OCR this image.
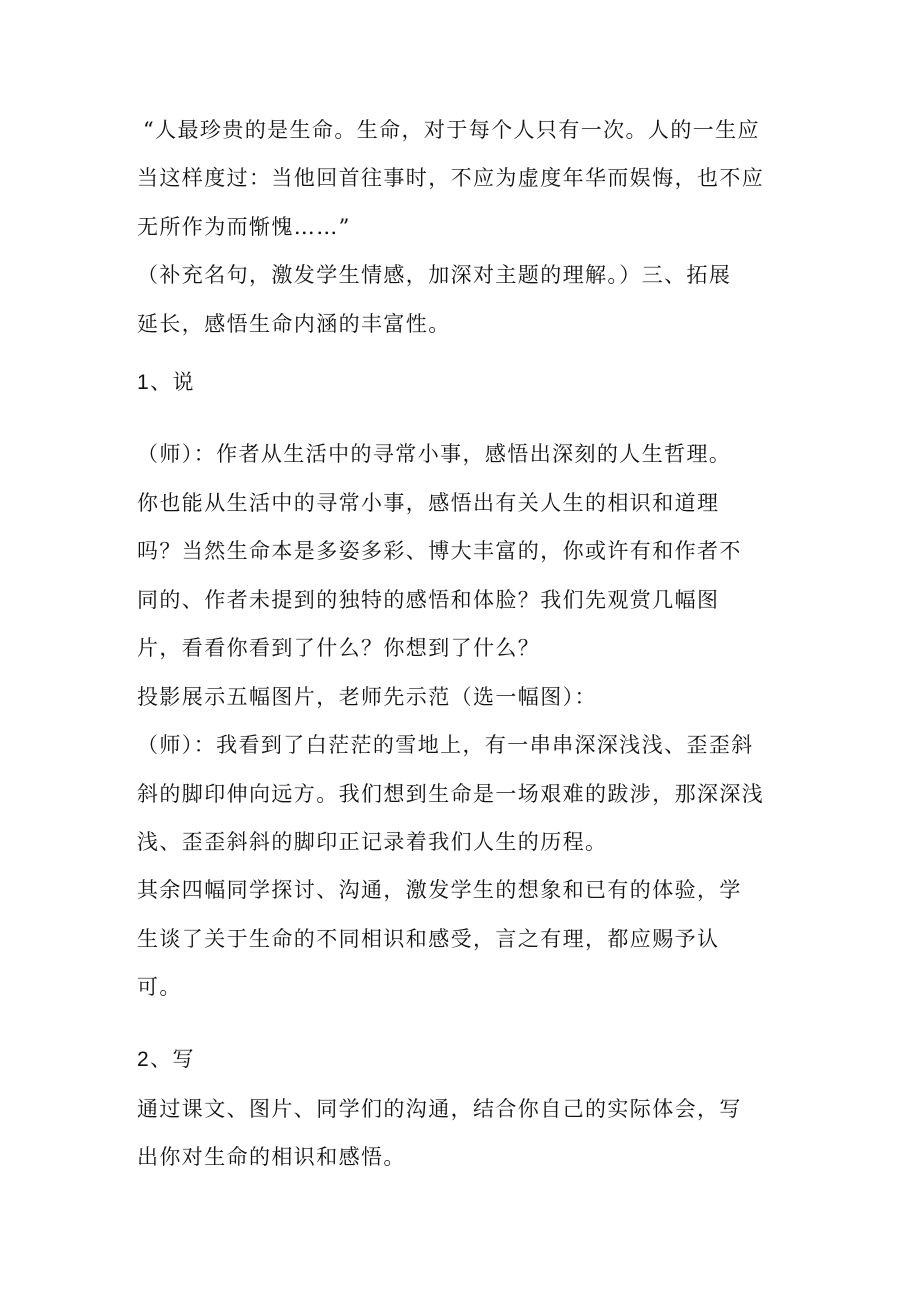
“人最珍贵的是生命。生命，对于每个人只有一次。人的一生应
当这样度过：当他回首往事时，不应为虚度年华而娱悔，也不应
无所作为而惭愧……”
（补充名句，激发学生情感，加深对主题的理解。）三、拓展
延长，感悟生命内涵的丰富性。
1、说
（师）：作者从生活中的寻常小事，感悟出深刻的人生哲理。
你也能从生活中的寻常小事，感悟出有关人生的相识和道理
吗？当然生命本是多姿多彩、博大丰富的，你或许有和作者不
同的、作者未提到的独特的感悟和体脸？我们先观赏几幅图
片，看看你看到了什么？你想到了什么？
投影展示五幅图片，老师先示范（选一幅图）：
（师）：我看到了白茫茫的雪地上，有一串串深深浅浅、歪歪斜
斜的脚印伸向远方。我们想到生命是一场艰难的跋涉，那深深浅
浅、歪歪斜斜的脚印正记录着我们人生的历程。
其余四幅同学探讨、沟通，激发学生的想象和已有的体验，学
生谈了关于生命的不同相识和感受，言之有理，都应赐予认
可。
2、写
通过课文、图片、同学们的沟通，结合你自己的实际体会，写
出你对生命的相识和感悟。
